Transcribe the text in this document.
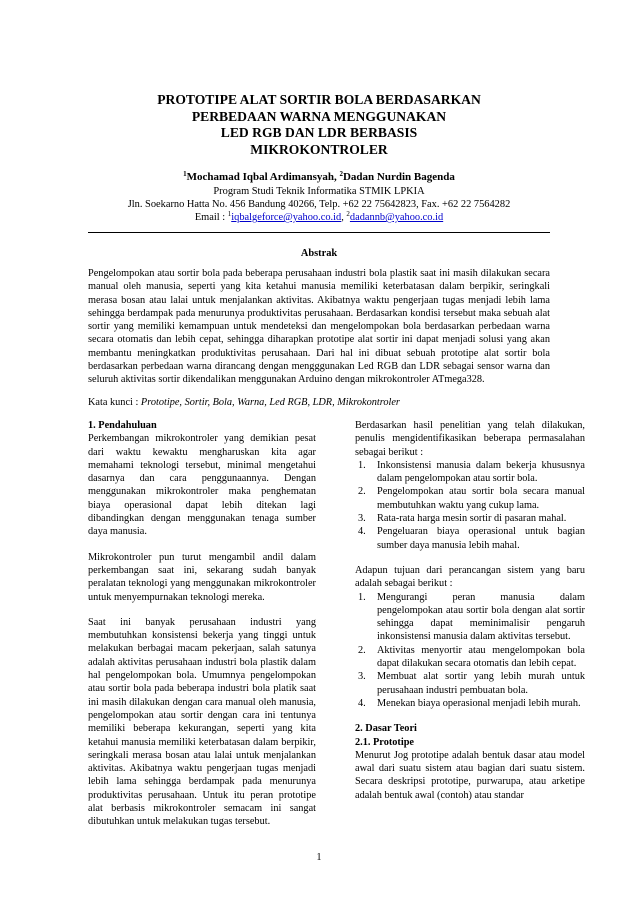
PROTOTIPE ALAT SORTIR BOLA BERDASARKAN
PERBEDAAN WARNA MENGGUNAKAN
LED RGB DAN LDR BERBASIS
MIKROKONTROLER
$^1$Mochamad Iqbal Ardimansyah, $^2$Dadan Nurdin Bagenda
Program Studi Teknik Informatika STMIK LPKIA
Jln. Soekarno Hatta No. 456 Bandung 40266, Telp. +62 22 75642823, Fax. +62 22 7564282
Email : $^1$iqbalgeforce@yahoo.co.id, $^2$dadannb@yahoo.co.id
Abstrak

Pengelompokan atau sortir bola pada beberapa perusahaan industri bola plastik saat ini masih dilakukan secara manual oleh manusia, seperti yang kita ketahui manusia memiliki keterbatasan dalam berpikir, seringkali merasa bosan atau lalai untuk menjalankan aktivitas. Akibatnya waktu pengerjaan tugas menjadi lebih lama sehingga berdampak pada menurunya produktivitas perusahaan. Berdasarkan kondisi tersebut maka sebuah alat sortir yang memiliki kemampuan untuk mendeteksi dan mengelompokan bola berdasarkan perbedaan warna secara otomatis dan lebih cepat, sehingga diharapkan prototipe alat sortir ini dapat menjadi solusi yang akan membantu meningkatkan produktivitas perusahaan. Dari hal ini dibuat sebuah prototipe alat sortir bola berdasarkan perbedaan warna dirancang dengan mengggunakan Led RGB dan LDR sebagai sensor warna dan seluruh aktivitas sortir dikendalikan menggunakan Arduino dengan mikrokontroler ATmega328.

Kata kunci : Prototipe, Sortir, Bola, Warna, Led RGB, LDR, Mikrokontroler

1. Pendahuluan

Perkembangan mikrokontroler yang demikian pesat dari waktu kewaktu mengharuskan kita agar memahami teknologi tersebut, minimal mengetahui dasarnya dan cara penggunaannya. Dengan menggunakan mikrokontroler maka penghematan biaya operasional dapat lebih ditekan lagi dibandingkan dengan menggunakan tenaga sumber daya manusia.

Mikrokontroler pun turut mengambil andil dalam perkembangan saat ini, sekarang sudah banyak peralatan teknologi yang menggunakan mikrokontroler untuk menyempurnakan teknologi mereka.

Saat ini banyak perusahaan industri yang membutuhkan konsistensi bekerja yang tinggi untuk melakukan berbagai macam pekerjaan, salah satunya adalah aktivitas perusahaan industri bola plastik dalam hal pengelompokan bola. Umumnya pengelompokan atau sortir bola pada beberapa industri bola platik saat ini masih dilakukan dengan cara manual oleh manusia, pengelompokan atau sortir dengan cara ini tentunya memiliki beberapa kekurangan, seperti yang kita ketahui manusia memiliki keterbatasan dalam berpikir, seringkali merasa bosan atau lalai untuk menjalankan aktivitas. Akibatnya waktu pengerjaan tugas menjadi lebih lama sehingga berdampak pada menurunya produktivitas perusahaan. Untuk itu peran prototipe alat berbasis mikrokontroler semacam ini sangat dibutuhkan untuk melakukan tugas tersebut.

Berdasarkan hasil penelitian yang telah dilakukan, penulis mengidentifikasikan beberapa permasalahan sebagai berikut :

1. Inkonsistensi manusia dalam bekerja khususnya dalam pengelompokan atau sortir bola.
2. Pengelompokan atau sortir bola secara manual membutuhkan waktu yang cukup lama.
3. Rata-rata harga mesin sortir di pasaran mahal.
4. Pengeluaran biaya operasional untuk bagian sumber daya manusia lebih mahal.

Adapun tujuan dari perancangan sistem yang baru adalah sebagai berikut :

1. Mengurangi peran manusia dalam pengelompokan atau sortir bola dengan alat sortir sehingga dapat meminimalisir pengaruh inkonsistensi manusia dalam aktivitas tersebut.
2. Aktivitas menyortir atau mengelompokan bola dapat dilakukan secara otomatis dan lebih cepat.
3. Membuat alat sortir yang lebih murah untuk perusahaan industri pembuatan bola.
4. Menekan biaya operasional menjadi lebih murah.
2. Dasar Teori
2.1. Prototipe

Menurut Jog prototipe adalah bentuk dasar atau model awal dari suatu sistem atau bagian dari suatu sistem. Secara deskripsi prototipe, purwarupa, atau arketipe adalah bentuk awal (contoh) atau standar

1
